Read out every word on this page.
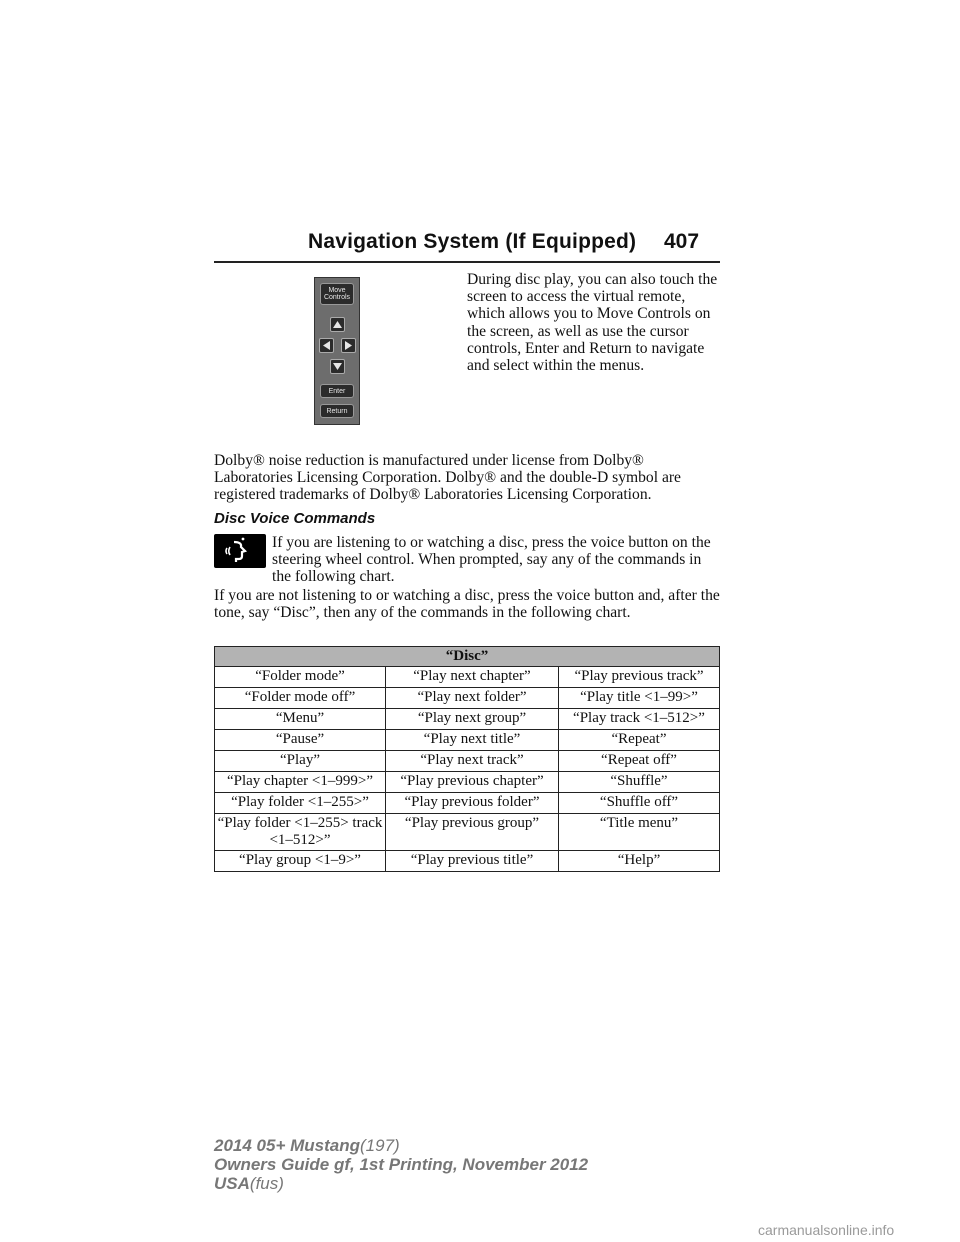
Navigation System (If Equipped) 407
Move
Controls
Enter
Return
During disc play, you can also touch the screen to access the virtual remote, which allows you to Move Controls on the screen, as well as use the cursor controls, Enter and Return to navigate and select within the menus.
Dolby® noise reduction is manufactured under license from Dolby® Laboratories Licensing Corporation. Dolby® and the double-D symbol are registered trademarks of Dolby® Laboratories Licensing Corporation.
Disc Voice Commands
If you are listening to or watching a disc, press the voice button on the steering wheel control. When prompted, say any of the commands in the following chart.
If you are not listening to or watching a disc, press the voice button and, after the tone, say “Disc”, then any of the commands in the following chart.
“Disc”		
“Folder mode”	“Play next chapter”	“Play previous track”
“Folder mode off”	“Play next folder”	“Play title <1–99>”
“Menu”	“Play next group”	“Play track <1–512>”
“Pause”	“Play next title”	“Repeat”
“Play”	“Play next track”	“Repeat off”
“Play chapter <1–999>”	“Play previous chapter”	“Shuffle”
“Play folder <1–255>”	“Play previous folder”	“Shuffle off”
“Play folder <1–255> track <1–512>”	“Play previous group”	“Title menu”
“Play group <1–9>”	“Play previous title”	“Help”
2014 05+ Mustang(197)
Owners Guide gf, 1st Printing, November 2012
USA(fus)
carmanualsonline.info
